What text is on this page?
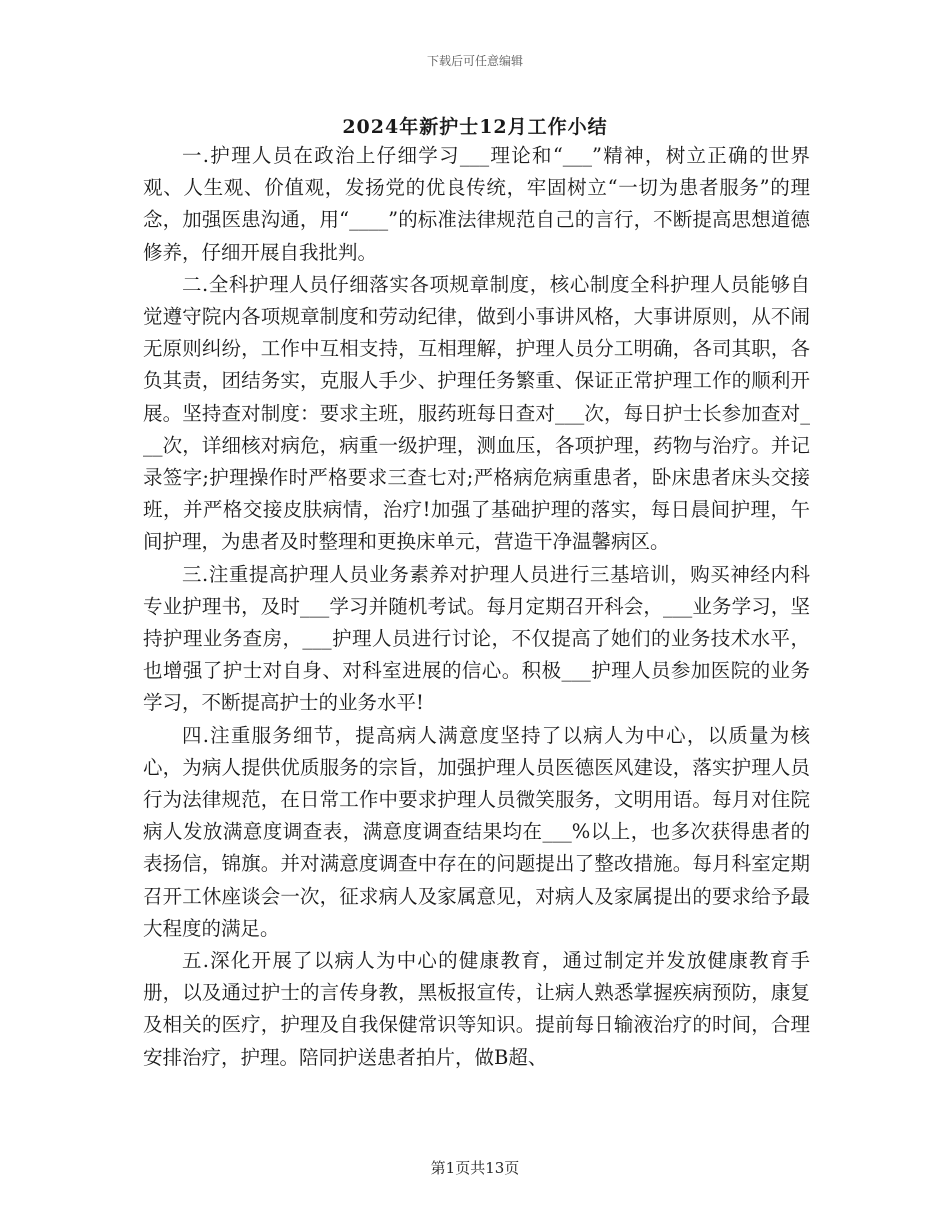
下载后可任意编辑
2024年新护士12月工作小结

一.护理人员在政治上仔细学习___理论和“___”精神，树立正确的世界观、人生观、价值观，发扬党的优良传统，牢固树立“一切为患者服务”的理念，加强医患沟通，用“____”的标准法律规范自己的言行，不断提高思想道德修养，仔细开展自我批判。

二.全科护理人员仔细落实各项规章制度，核心制度全科护理人员能够自觉遵守院内各项规章制度和劳动纪律，做到小事讲风格，大事讲原则，从不闹无原则纠纷，工作中互相支持，互相理解，护理人员分工明确，各司其职，各负其责，团结务实，克服人手少、护理任务繁重、保证正常护理工作的顺利开展。坚持查对制度：要求主班，服药班每日查对___次，每日护士长参加查对___次，详细核对病危，病重一级护理，测血压，各项护理，药物与治疗。并记录签字;护理操作时严格要求三查七对;严格病危病重患者，卧床患者床头交接班，并严格交接皮肤病情，治疗!加强了基础护理的落实，每日晨间护理，午间护理，为患者及时整理和更换床单元，营造干净温馨病区。

三.注重提高护理人员业务素养对护理人员进行三基培训，购买神经内科专业护理书，及时___学习并随机考试。每月定期召开科会，___业务学习，坚持护理业务查房，___护理人员进行讨论，不仅提高了她们的业务技术水平，也增强了护士对自身、对科室进展的信心。积极___护理人员参加医院的业务学习，不断提高护士的业务水平!

四.注重服务细节，提高病人满意度坚持了以病人为中心，以质量为核心，为病人提供优质服务的宗旨，加强护理人员医德医风建设，落实护理人员行为法律规范，在日常工作中要求护理人员微笑服务，文明用语。每月对住院病人发放满意度调查表，满意度调查结果均在___%以上，也多次获得患者的表扬信，锦旗。并对满意度调查中存在的问题提出了整改措施。每月科室定期召开工休座谈会一次，征求病人及家属意见，对病人及家属提出的要求给予最大程度的满足。

五.深化开展了以病人为中心的健康教育，通过制定并发放健康教育手册，以及通过护士的言传身教，黑板报宣传，让病人熟悉掌握疾病预防，康复及相关的医疗，护理及自我保健常识等知识。提前每日输液治疗的时间，合理安排治疗，护理。陪同护送患者拍片，做B超、

第1页共13页
